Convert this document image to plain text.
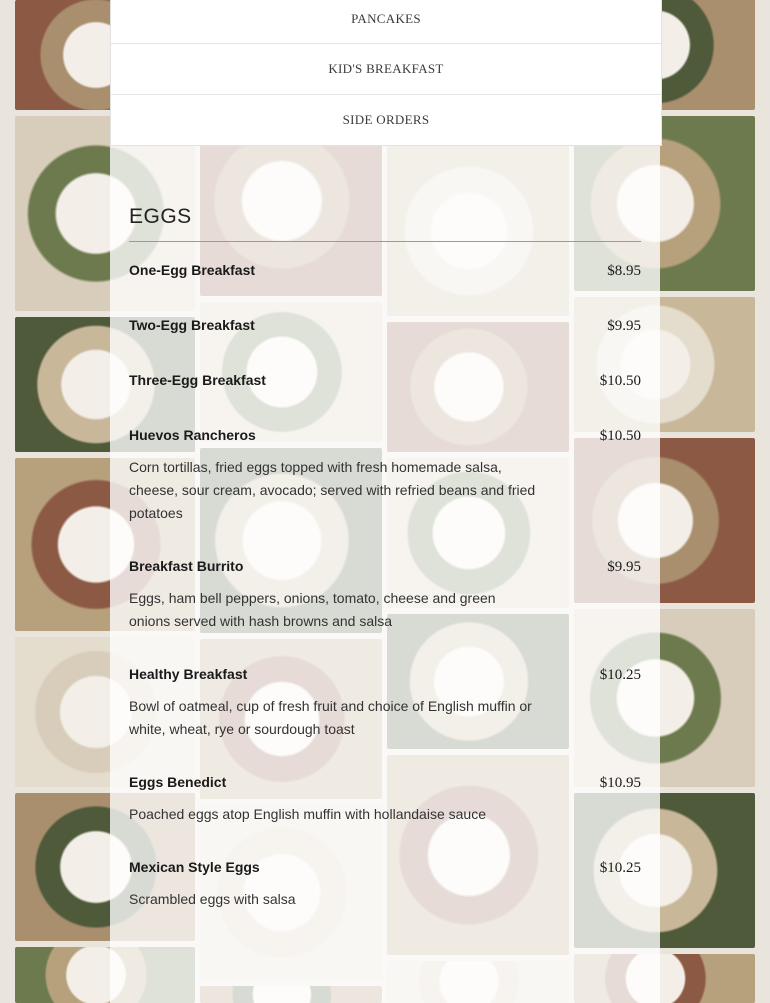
PANCAKES
KID'S BREAKFAST
SIDE ORDERS
EGGS
One-Egg Breakfast	$8.95
Two-Egg Breakfast	$9.95
Three-Egg Breakfast	$10.50
Huevos Rancheros	$10.50
Corn tortillas, fried eggs topped with fresh homemade salsa, cheese, sour cream, avocado; served with refried beans and fried potatoes
Breakfast Burrito	$9.95
Eggs, ham bell peppers, onions, tomato, cheese and green onions served with hash browns and salsa
Healthy Breakfast	$10.25
Bowl of oatmeal, cup of fresh fruit and choice of English muffin or white, wheat, rye or sourdough toast
Eggs Benedict	$10.95
Poached eggs atop English muffin with hollandaise sauce
Mexican Style Eggs	$10.25
Scrambled eggs with salsa
